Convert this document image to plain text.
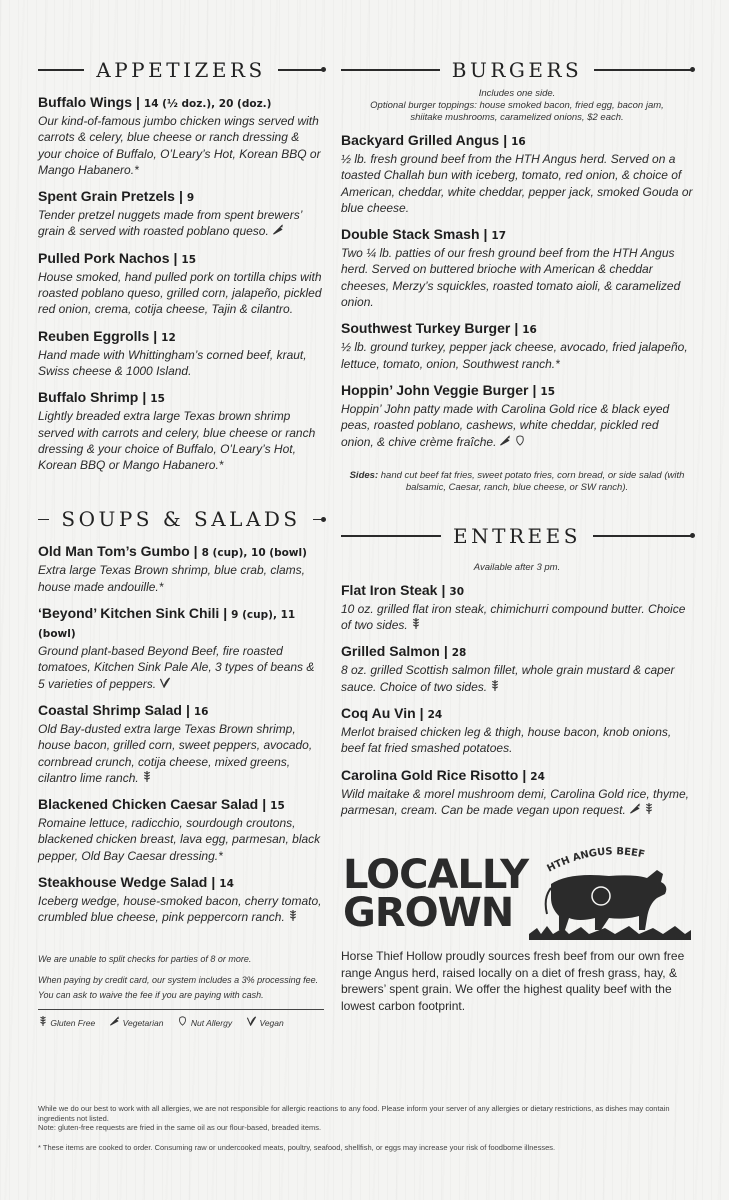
APPETIZERS
Buffalo Wings | 14 (½ doz.), 20 (doz.)
Our kind-of-famous jumbo chicken wings served with carrots & celery, blue cheese or ranch dressing & your choice of Buffalo, O’Leary’s Hot, Korean BBQ or Mango Habanero.*
Spent Grain Pretzels | 9
Tender pretzel nuggets made from spent brewers’ grain & served with roasted poblano queso.
Pulled Pork Nachos | 15
House smoked, hand pulled pork on tortilla chips with roasted poblano queso, grilled corn, jalapeño, pickled red onion, crema, cotija cheese, Tajin & cilantro.
Reuben Eggrolls | 12
Hand made with Whittingham’s corned beef, kraut, Swiss cheese & 1000 Island.
Buffalo Shrimp | 15
Lightly breaded extra large Texas brown shrimp served with carrots and celery, blue cheese or ranch dressing & your choice of Buffalo, O’Leary’s Hot, Korean BBQ or Mango Habanero.*
SOUPS & SALADS
Old Man Tom’s Gumbo | 8 (cup), 10 (bowl)
Extra large Texas Brown shrimp, blue crab, clams, house made andouille.*
‘Beyond’ Kitchen Sink Chili | 9 (cup), 11 (bowl)
Ground plant-based Beyond Beef, fire roasted tomatoes, Kitchen Sink Pale Ale, 3 types of beans & 5 varieties of peppers.
Coastal Shrimp Salad | 16
Old Bay-dusted extra large Texas Brown shrimp, house bacon, grilled corn, sweet peppers, avocado, cornbread crunch, cotija cheese, mixed greens, cilantro lime ranch.
Blackened Chicken Caesar Salad | 15
Romaine lettuce, radicchio, sourdough croutons, blackened chicken breast, lava egg, parmesan, black pepper, Old Bay Caesar dressing.*
Steakhouse Wedge Salad | 14
Iceberg wedge, house-smoked bacon, cherry tomato, crumbled blue cheese, pink peppercorn ranch.
We are unable to split checks for parties of 8 or more.
When paying by credit card, our system includes a 3% processing fee. You can ask to waive the fee if you are paying with cash.
Gluten Free	Vegetarian	Nut Allergy	Vegan
BURGERS
Includes one side.
Optional burger toppings: house smoked bacon, fried egg, bacon jam, shiitake mushrooms, caramelized onions, $2 each.
Backyard Grilled Angus | 16
½ lb. fresh ground beef from the HTH Angus herd. Served on a toasted Challah bun with iceberg, tomato, red onion, & choice of American, cheddar, white cheddar, pepper jack, smoked Gouda or blue cheese.
Double Stack Smash | 17
Two ¼ lb. patties of our fresh ground beef from the HTH Angus herd. Served on buttered brioche with American & cheddar cheeses, Merzy’s squickles, roasted tomato aioli, & caramelized onion.
Southwest Turkey Burger | 16
½ lb. ground turkey, pepper jack cheese, avocado, fried jalapeño, lettuce, tomato, onion, Southwest ranch.*
Hoppin’ John Veggie Burger | 15
Hoppin’ John patty made with Carolina Gold rice & black eyed peas, roasted poblano, cashews, white cheddar, pickled red onion, & chive crème fraîche.
Sides: hand cut beef fat fries, sweet potato fries, corn bread, or side salad (with balsamic, Caesar, ranch, blue cheese, or SW ranch).
ENTREES
Available after 3 pm.
Flat Iron Steak | 30
10 oz. grilled flat iron steak, chimichurri compound butter. Choice of two sides.
Grilled Salmon | 28
8 oz. grilled Scottish salmon fillet, whole grain mustard & caper sauce. Choice of two sides.
Coq Au Vin | 24
Merlot braised chicken leg & thigh, house bacon, knob onions, beef fat fried smashed potatoes.
Carolina Gold Rice Risotto | 24
Wild maitake & morel mushroom demi, Carolina Gold rice, thyme, parmesan, cream. Can be made vegan upon request.
LOCALLY
GROWN
HTH ANGUS BEEF
Horse Thief Hollow proudly sources fresh beef from our own free range Angus herd, raised locally on a diet of fresh grass, hay, & brewers’ spent grain. We offer the highest quality beef with the lowest carbon footprint.
While we do our best to work with all allergies, we are not responsible for allergic reactions to any food. Please inform your server of any allergies or dietary restrictions, as dishes may contain ingredients not listed.
Note: gluten-free requests are fried in the same oil as our flour-based, breaded items.
* These items are cooked to order. Consuming raw or undercooked meats, poultry, seafood, shellfish, or eggs may increase your risk of foodborne illnesses.
